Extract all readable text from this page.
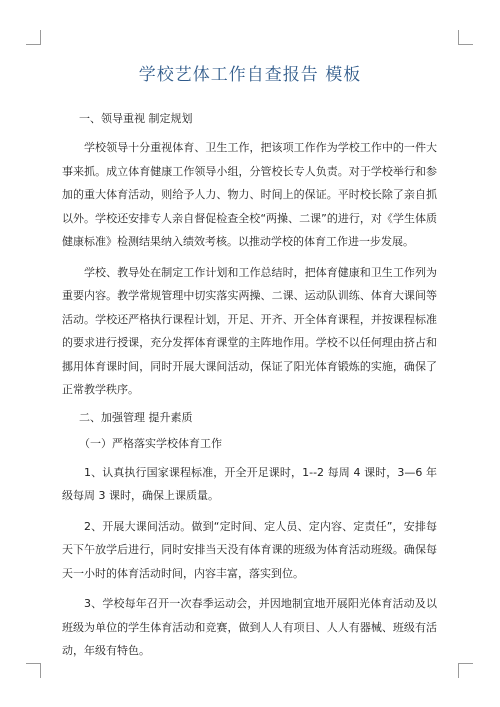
学校艺体工作自查报告 模板
一、领导重视 制定规划

学校领导十分重视体育、卫生工作，把该项工作作为学校工作中的一件大事来抓。成立体育健康工作领导小组，分管校长专人负责。对于学校举行和参加的重大体育活动，则给予人力、物力、时间上的保证。平时校长除了亲自抓以外。学校还安排专人亲自督促检查全校“两操、二课”的进行，对《学生体质健康标准》检测结果纳入绩效考核。以推动学校的体育工作进一步发展。

学校、教导处在制定工作计划和工作总结时，把体育健康和卫生工作列为重要内容。教学常规管理中切实落实两操、二课、运动队训练、体育大课间等活动。学校还严格执行课程计划，开足、开齐、开全体育课程，并按课程标准的要求进行授课，充分发挥体育课堂的主阵地作用。学校不以任何理由挤占和挪用体育课时间，同时开展大课间活动，保证了阳光体育锻炼的实施，确保了正常教学秩序。

二、加强管理 提升素质
（一）严格落实学校体育工作

1、认真执行国家课程标准，开全开足课时，1--2 每周 4 课时，3—6 年级每周 3 课时，确保上课质量。

2、开展大课间活动。做到“定时间、定人员、定内容、定责任”，安排每天下午放学后进行，同时安排当天没有体育课的班级为体育活动班级。确保每天一小时的体育活动时间，内容丰富，落实到位。

3、学校每年召开一次春季运动会，并因地制宜地开展阳光体育活动及以班级为单位的学生体育活动和竞赛，做到人人有项目、人人有器械、班级有活动，年级有特色。
